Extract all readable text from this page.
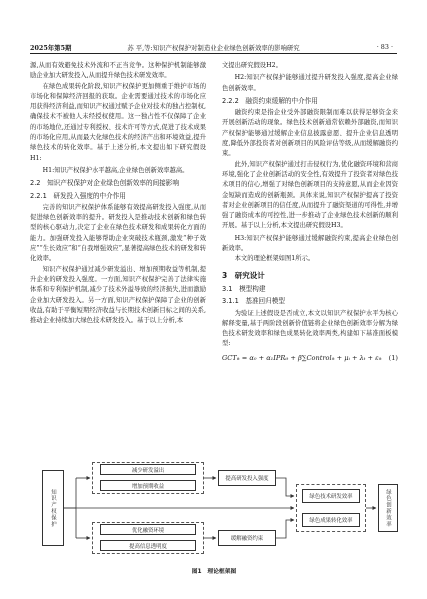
2025年第5期	苏 平,等:知识产权保护对制造业企业绿色创新效率的影响研究	· 83 ·

源,从而有效避免技术外流和不正当竞争。这种保护机制能够激励企业加大研发投入,从而提升绿色技术研发效率。

在绿色成果转化阶段,知识产权保护更加侧重于维护市场的市场化和保障经济回报的获取。企业需要通过技术的市场化应用获得经济利益,而知识产权通过赋予企业对技术的独占控制权,确保技术不被他人未经授权使用。这一独占性不仅保障了企业的市场地位,还通过专利授权、技术许可等方式,促进了技术成果的市场化应用,从而最大化绿色技术的经济产出和环境效益,提升绿色技术的转化效率。基于上述分析,本文提出如下研究假设H1:

H1:知识产权保护水平越高,企业绿色创新效率越高。

2.2　知识产权保护对企业绿色创新效率的间接影响

2.2.1　研发投入强度的中介作用

完善的知识产权保护体系能够有效提高研发投入强度,从而促进绿色创新效率的提升。研发投入是推动技术创新和绿色转型的核心驱动力,决定了企业在绿色技术研发和成果转化方面的能力。加强研发投入能够帮助企业突破技术瓶颈,激发“种子效应”“生长效应”和“自我增强效应”,显著提高绿色技术的研发和转化效率。

知识产权保护通过减少研发溢出、增加预期收益等机制,提升企业的研发投入强度。一方面,知识产权保护完善了法律实施体系和专利保护机制,减少了技术外溢导致的经济损失,进而激励企业加大研发投入。另一方面,知识产权保护保障了企业的创新收益,有助于平衡短期经济收益与长期技术创新目标之间的关系,推动企业持续加大绿色技术研发投入。基于以上分析,本

文提出研究假设H2。

H2:知识产权保护能够通过提升研发投入强度,提高企业绿色创新效率。

2.2.2　融资约束缓解的中介作用

融资约束是指企业受外部融资限制而难以获得足够资金来开展创新活动的现象。绿色技术创新通常依赖外部融资,而知识产权保护能够通过缓解企业信息披露意愿、提升企业信息透明度,降低外部投资者对创新项目的风险评估等级,从而缓解融资约束。

此外,知识产权保护通过打击侵权行为,优化融资环境和营商环境,强化了企业创新活动的安全性,有效提升了投资者对绿色技术项目的信心,增强了对绿色创新项目的支持意愿,从而企业因资金短缺而造成的创新瓶颈。具体来说,知识产权保护提高了投资者对企业创新项目的信任度,从而提升了融资渠道的可得性,并增强了融资成本的可控性,进一步推动了企业绿色技术创新的顺利开展。基于以上分析,本文提出研究假设H3。

H3:知识产权保护能够通过缓解融资约束,提高企业绿色创新效率。

本文的理论框架如图1所示。

3　研究设计

3.1　模型构建

3.1.1　基准回归模型

为验证上述假设是否成立,本文以知识产权保护水平为核心解释变量,基于两阶段创新价值链将企业绿色创新效率分解为绿色技术研发效率和绿色成果转化效率两类,构建如下基准面板模型:

GCTᵢₜ = α₀ + α₁IPRᵢₜ + β∑Controlᵢₜ + μᵢ + λₜ + εᵢₜ (1)

知识产权保护
减少研发溢出
增加预期收益
提高研发投入强度
优化融资环境
提高信息透明度
缓解融资约束
绿色技术研发效率
绿色成果转化效率	绿色创新效率
图1　理论框架图
